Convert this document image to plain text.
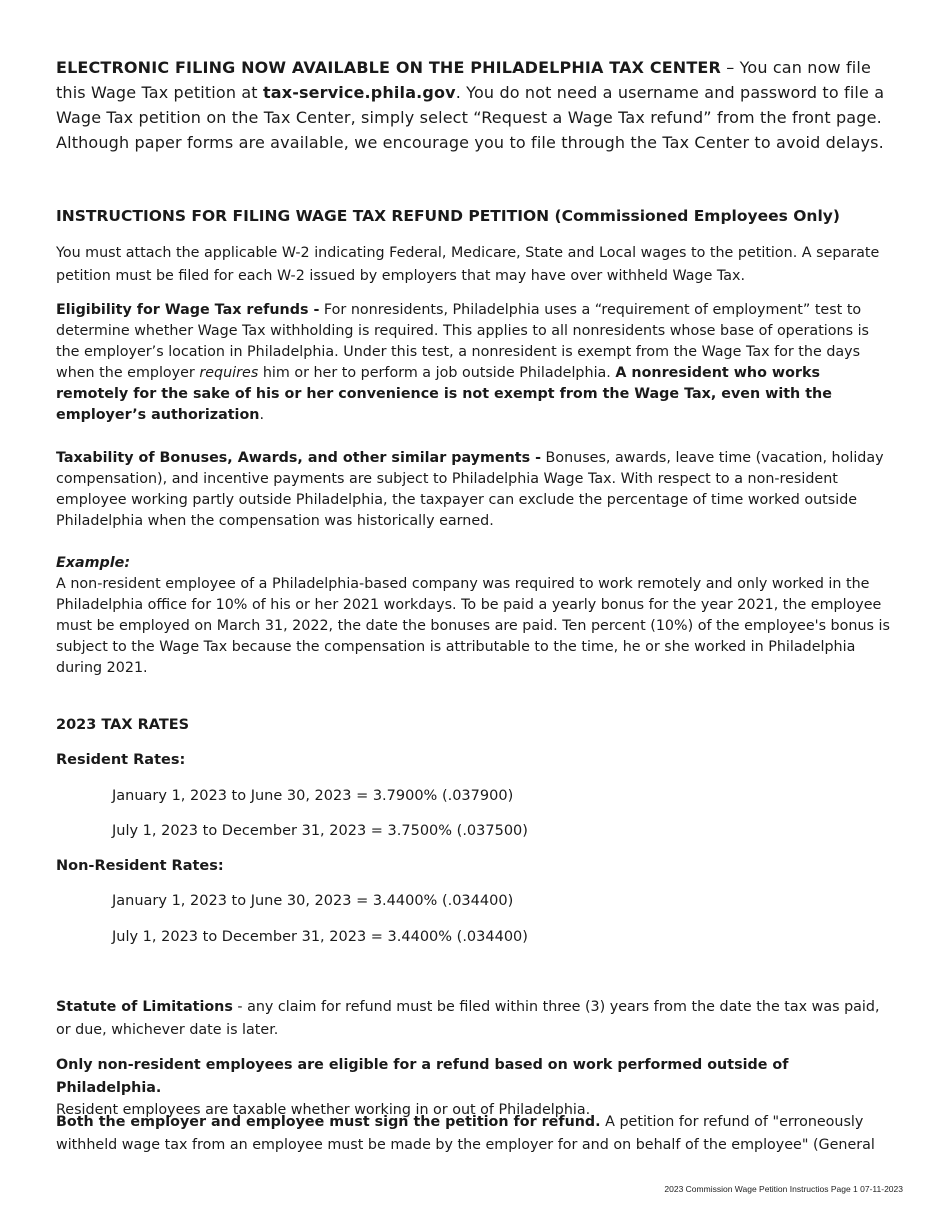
ELECTRONIC FILING NOW AVAILABLE ON THE PHILADELPHIA TAX CENTER – You can now file this Wage Tax petition at tax-service.phila.gov. You do not need a username and password to file a Wage Tax petition on the Tax Center, simply select “Request a Wage Tax refund” from the front page. Although paper forms are available, we encourage you to file through the Tax Center to avoid delays.

INSTRUCTIONS FOR FILING WAGE TAX REFUND PETITION (Commissioned Employees Only)

You must attach the applicable W-2 indicating Federal, Medicare, State and Local wages to the petition. A separate petition must be filed for each W-2 issued by employers that may have over withheld Wage Tax.

Eligibility for Wage Tax refunds - For nonresidents, Philadelphia uses a “requirement of employment” test to determine whether Wage Tax withholding is required. This applies to all nonresidents whose base of operations is the employer’s location in Philadelphia. Under this test, a nonresident is exempt from the Wage Tax for the days when the employer requires him or her to perform a job outside Philadelphia. A nonresident who works remotely for the sake of his or her convenience is not exempt from the Wage Tax, even with the employer’s authorization.

Taxability of Bonuses, Awards, and other similar payments - Bonuses, awards, leave time (vacation, holiday compensation), and incentive payments are subject to Philadelphia Wage Tax. With respect to a non-resident employee working partly outside Philadelphia, the taxpayer can exclude the percentage of time worked outside Philadelphia when the compensation was historically earned.

Example:

A non-resident employee of a Philadelphia-based company was required to work remotely and only worked in the Philadelphia office for 10% of his or her 2021 workdays. To be paid a yearly bonus for the year 2021, the employee must be employed on March 31, 2022, the date the bonuses are paid. Ten percent (10%) of the employee's bonus is subject to the Wage Tax because the compensation is attributable to the time, he or she worked in Philadelphia during 2021.

2023 TAX RATES

Resident Rates:

January 1, 2023 to June 30, 2023 = 3.7900% (.037900)

July 1, 2023 to December 31, 2023 = 3.7500% (.037500)

Non-Resident Rates:

January 1, 2023 to June 30, 2023 = 3.4400% (.034400)

July 1, 2023 to December 31, 2023 = 3.4400% (.034400)

Statute of Limitations - any claim for refund must be filed within three (3) years from the date the tax was paid, or due, whichever date is later.

Only non-resident employees are eligible for a refund based on work performed outside of Philadelphia.

Resident employees are taxable whether working in or out of Philadelphia.

Both the employer and employee must sign the petition for refund. A petition for refund of "erroneously withheld wage tax from an employee must be made by the employer for and on behalf of the employee" (General

2023 Commission Wage Petition Instructios Page 1 07-11-2023
